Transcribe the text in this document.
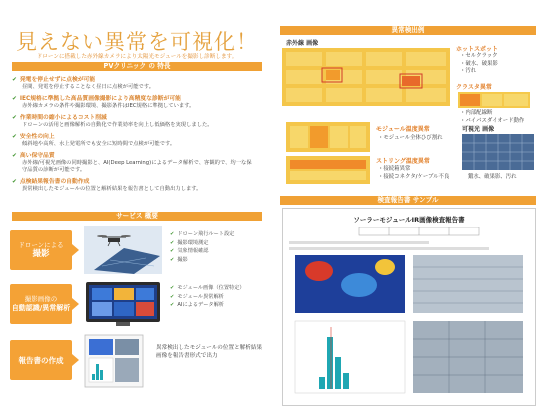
見えない異常を可視化！
ドローンに搭載した赤外線カメラにより太陽光モジュールを撮影し診断します。
PVクリニック の 特長
✔ 発電を停止せずに点検が可能
昼間、発電を停止することなく昼日に点検が可能です。
✔ IEC規格に準拠した高品質画像撮影により高精度な診断が可能
赤外線カメラの条件や撮影環境、撮影条件はIEC規格に準拠しています。
✔ 作業時間の縮小によるコスト削減
ドローンの活用と画像解析の自動化で作業効率を向上し低価格を実現しました。
✔ 安全性の向上
傾斜地や高所、水上発電所でも安全に短時間で点検が可能です。
✔ 高い保守品質
赤外線/可視光画像の同時撮影と、AI(Deep Learning)によるデータ解析で、客観的で、均一な保守品質の診断が可能です。
✔ 点検結果報告書の自動作成
異常検出したモジュールの位置と解析結果を報告書として自動出力します。
サービス 概要
ドローンによる
撮影
✔ ドローン飛行ルート設定
✔ 撮影環境測定
✔ 気象情報確認
✔ 撮影
撮影画像の
自動認識/異常解析
✔ モジュール画像（位置特定）
✔ モジュール異常解析
✔ AIによるデータ解析
報告書の作成
異常検出したモジュールの位置と解析結果画像を報告書形式で出力
異常検出例
赤外線 画像
ホットスポット
・セルクラック
・破水、破果影
・汚れ
クラスタ異常
・内部配線断
・バイパスダイオード動作
モジュール温度異常
・モジュール全体ひび割れ
可視光 画像
ストリング温度異常
・接続箱異常
・接続コネクタ/ケーブル不良	鍛水、破果影、汚れ
検査報告書 サンプル
ソーラーモジュールIR画像検査報告書
